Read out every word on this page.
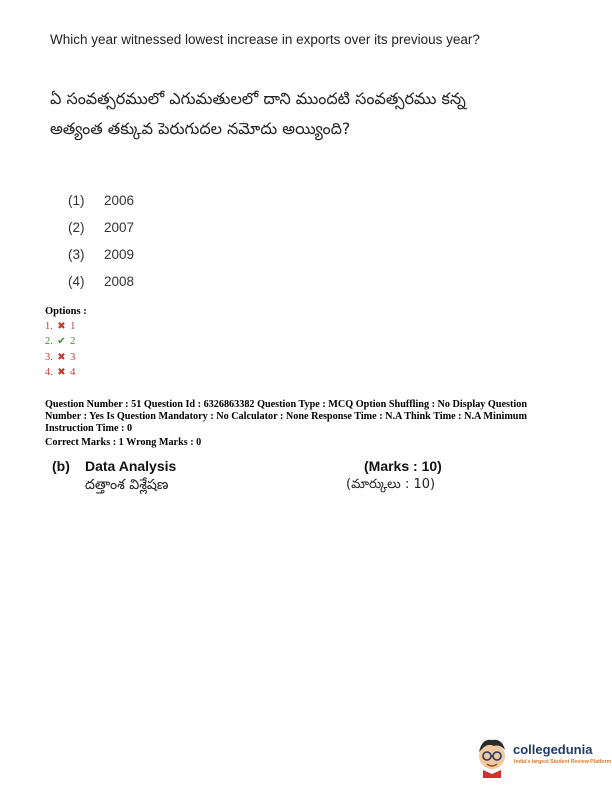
Which year witnessed lowest increase in exports over its previous year?
ఏ సంవత్సరములో ఎగుమతులలో దాని ముందటి సంవత్సరము కన్న
అత్యంత తక్కువ పెరుగుదల నమోదు అయ్యింది?
(1) 2006
(2) 2007
(3) 2009
(4) 2008
Options :
1. ✖ 1
2. ✔ 2
3. ✖ 3
4. ✖ 4
Question Number : 51 Question Id : 6326863382 Question Type : MCQ Option Shuffling : No Display Question Number : Yes Is Question Mandatory : No Calculator : None Response Time : N.A Think Time : N.A Minimum Instruction Time : 0
Correct Marks : 1 Wrong Marks : 0
(b) Data Analysis	(Marks : 10)
దత్తాంశ విశ్లేషణ	(మార్కులు : 10)
collegedunia
India's largest Student Review Platform
